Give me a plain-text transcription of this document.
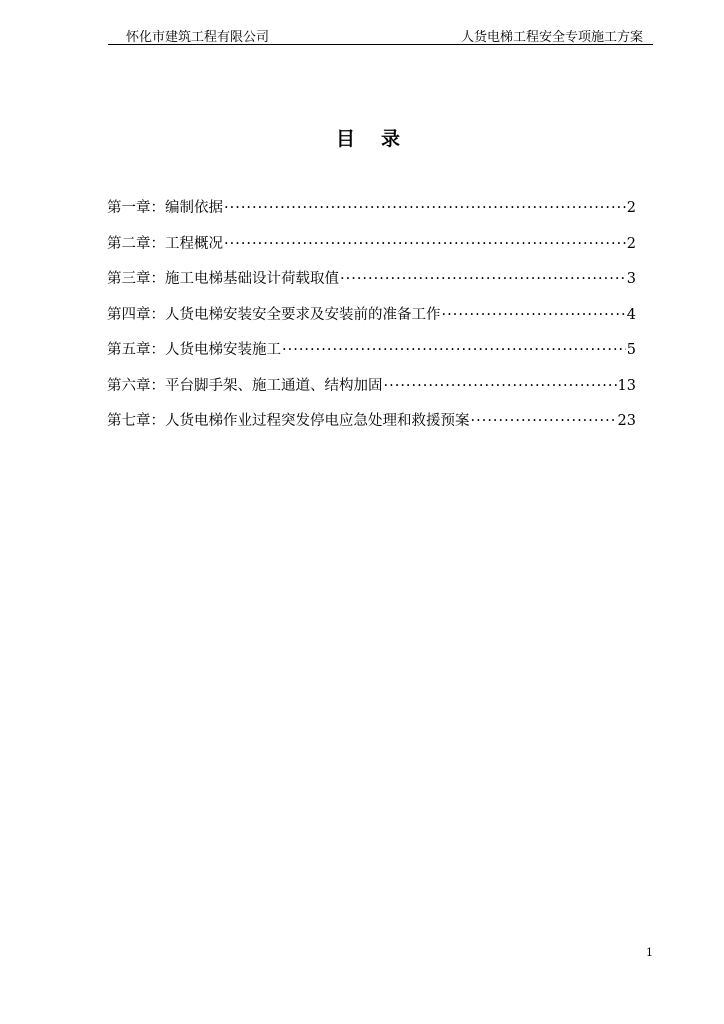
怀化市建筑工程有限公司	人货电梯工程安全专项施工方案
目录
第一章： 编制依据 ·····	2
第二章： 工程概况 ·····	2
第三章： 施工电梯基础设计荷载取值 ·····	3
第四章： 人货电梯安装安全要求及安装前的准备工作 ·····	4
第五章： 人货电梯安装施工 ·····	5
第六章： 平台脚手架、施工通道、结构加固 ·····	13
第七章： 人货电梯作业过程突发停电应急处理和救援预案 ·····	23
1
